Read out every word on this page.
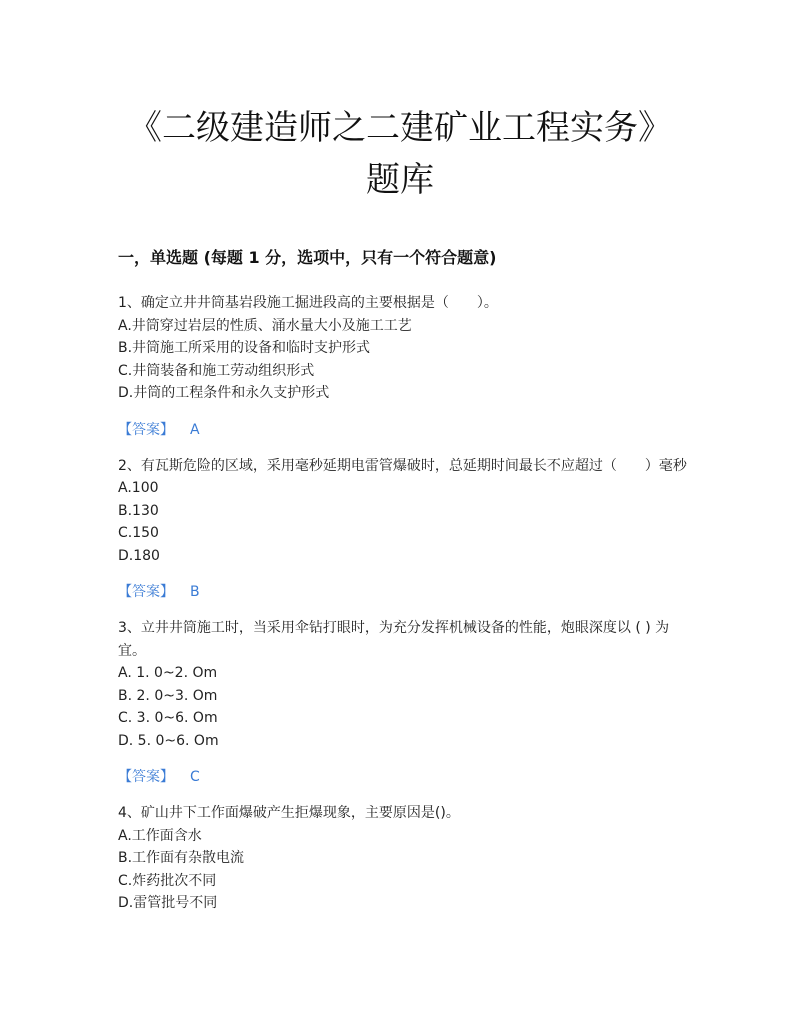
《二级建造师之二建矿业工程实务》
题库
一，单选题 (每题 1 分，选项中，只有一个符合题意)

1、确定立井井筒基岩段施工掘进段高的主要根据是（　　）。

A.井筒穿过岩层的性质、涌水量大小及施工工艺

B.井筒施工所采用的设备和临时支护形式

C.井筒装备和施工劳动组织形式

D.井筒的工程条件和永久支护形式

【答案】 A

2、有瓦斯危险的区域，采用毫秒延期电雷管爆破时，总延期时间最长不应超过（　　）毫秒

A.100

B.130

C.150

D.180

【答案】 B

3、立井井筒施工时，当采用伞钻打眼时，为充分发挥机械设备的性能，炮眼深度以 ( ) 为宜。

A. 1. 0~2. Om

B. 2. 0~3. Om

C. 3. 0~6. Om

D. 5. 0~6. Om

【答案】 C

4、矿山井下工作面爆破产生拒爆现象，主要原因是()。

A.工作面含水

B.工作面有杂散电流

C.炸药批次不同

D.雷管批号不同
